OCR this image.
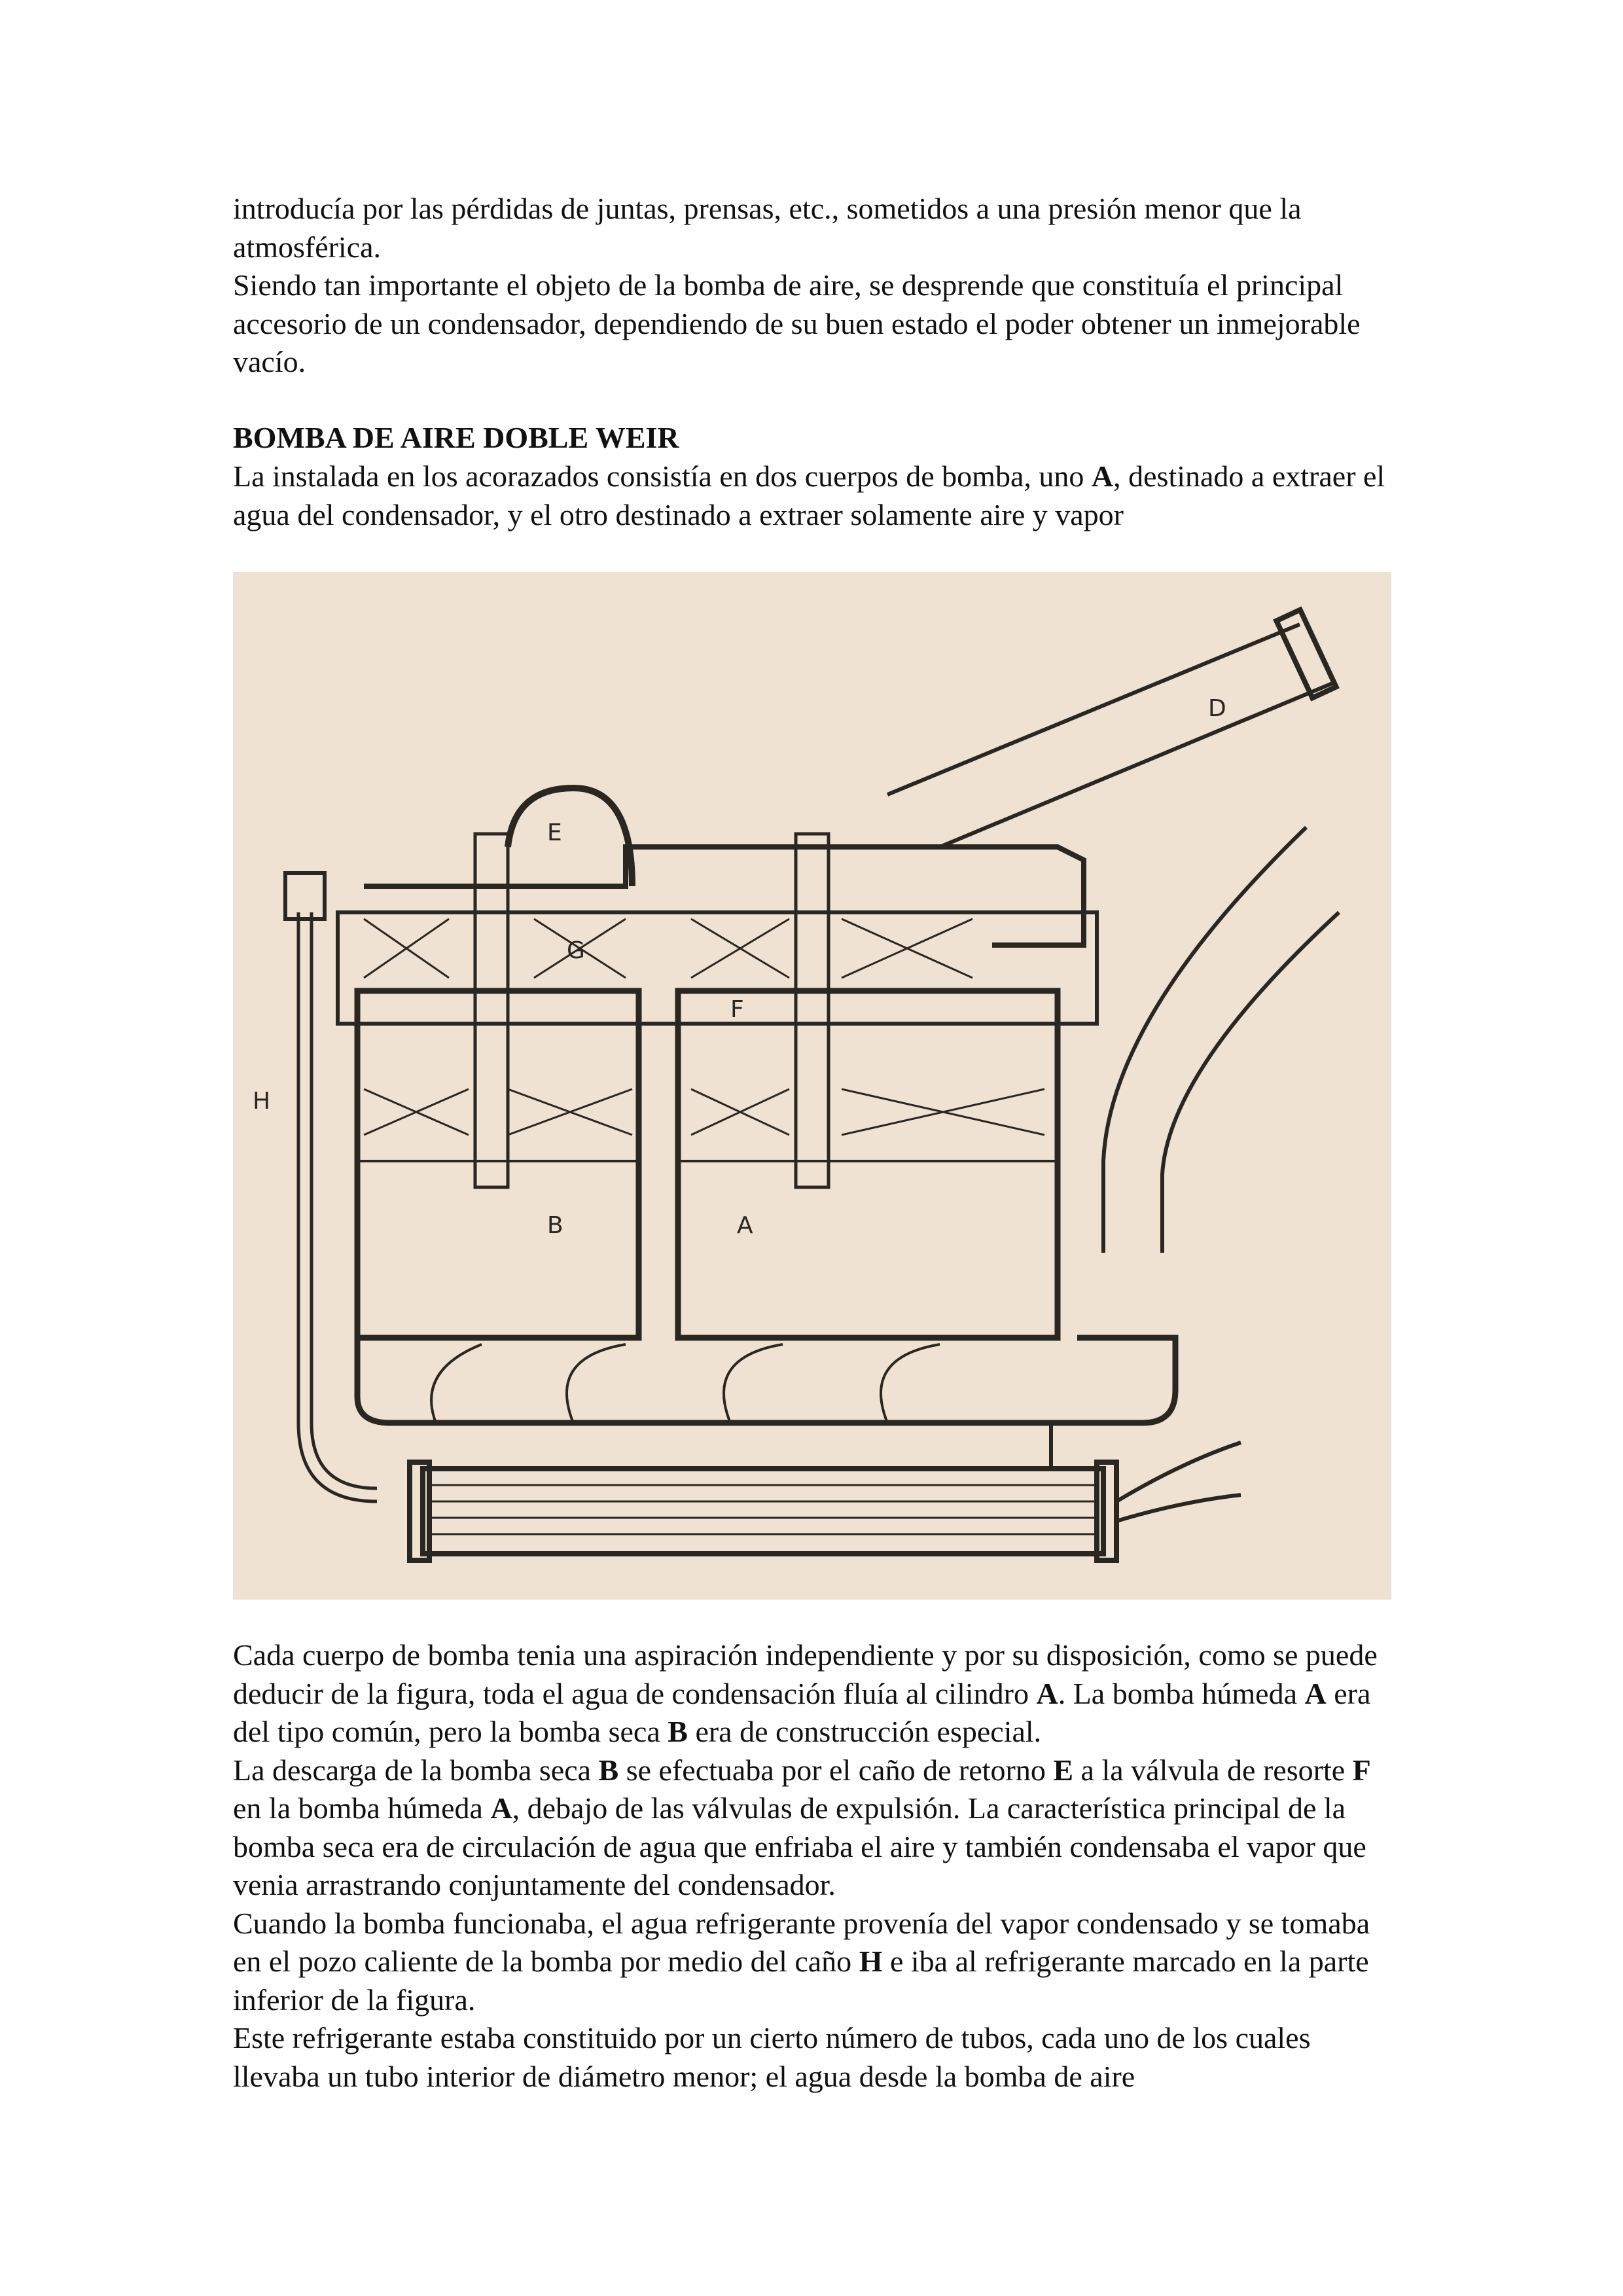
introducía por las pérdidas de juntas, prensas, etc., sometidos a una presión menor que la atmosférica.

Siendo tan importante el objeto de la bomba de aire, se desprende que constituía el principal accesorio de un condensador, dependiendo de su buen estado el poder obtener un inmejorable vacío.

BOMBA DE AIRE DOBLE WEIR

La instalada en los acorazados consistía en dos cuerpos de bomba, uno A, destinado a extraer el agua del condensador, y el otro destinado a extraer solamente aire y vapor

E
G
F
B	A
D
H

Cada cuerpo de bomba tenia una aspiración independiente y por su disposición, como se puede deducir de la figura, toda el agua de condensación fluía al cilindro A. La bomba húmeda A era del tipo común, pero la bomba seca B era de construcción especial.

La descarga de la bomba seca B se efectuaba por el caño de retorno E a la válvula de resorte F en la bomba húmeda A, debajo de las válvulas de expulsión. La característica principal de la bomba seca era de circulación de agua que enfriaba el aire y también condensaba el vapor que venia arrastrando conjuntamente del condensador.

Cuando la bomba funcionaba, el agua refrigerante provenía del vapor condensado y se tomaba en el pozo caliente de la bomba por medio del caño H e iba al refrigerante marcado en la parte inferior de la figura.

Este refrigerante estaba constituido por un cierto número de tubos, cada uno de los cuales llevaba un tubo interior de diámetro menor; el agua desde la bomba de aire
